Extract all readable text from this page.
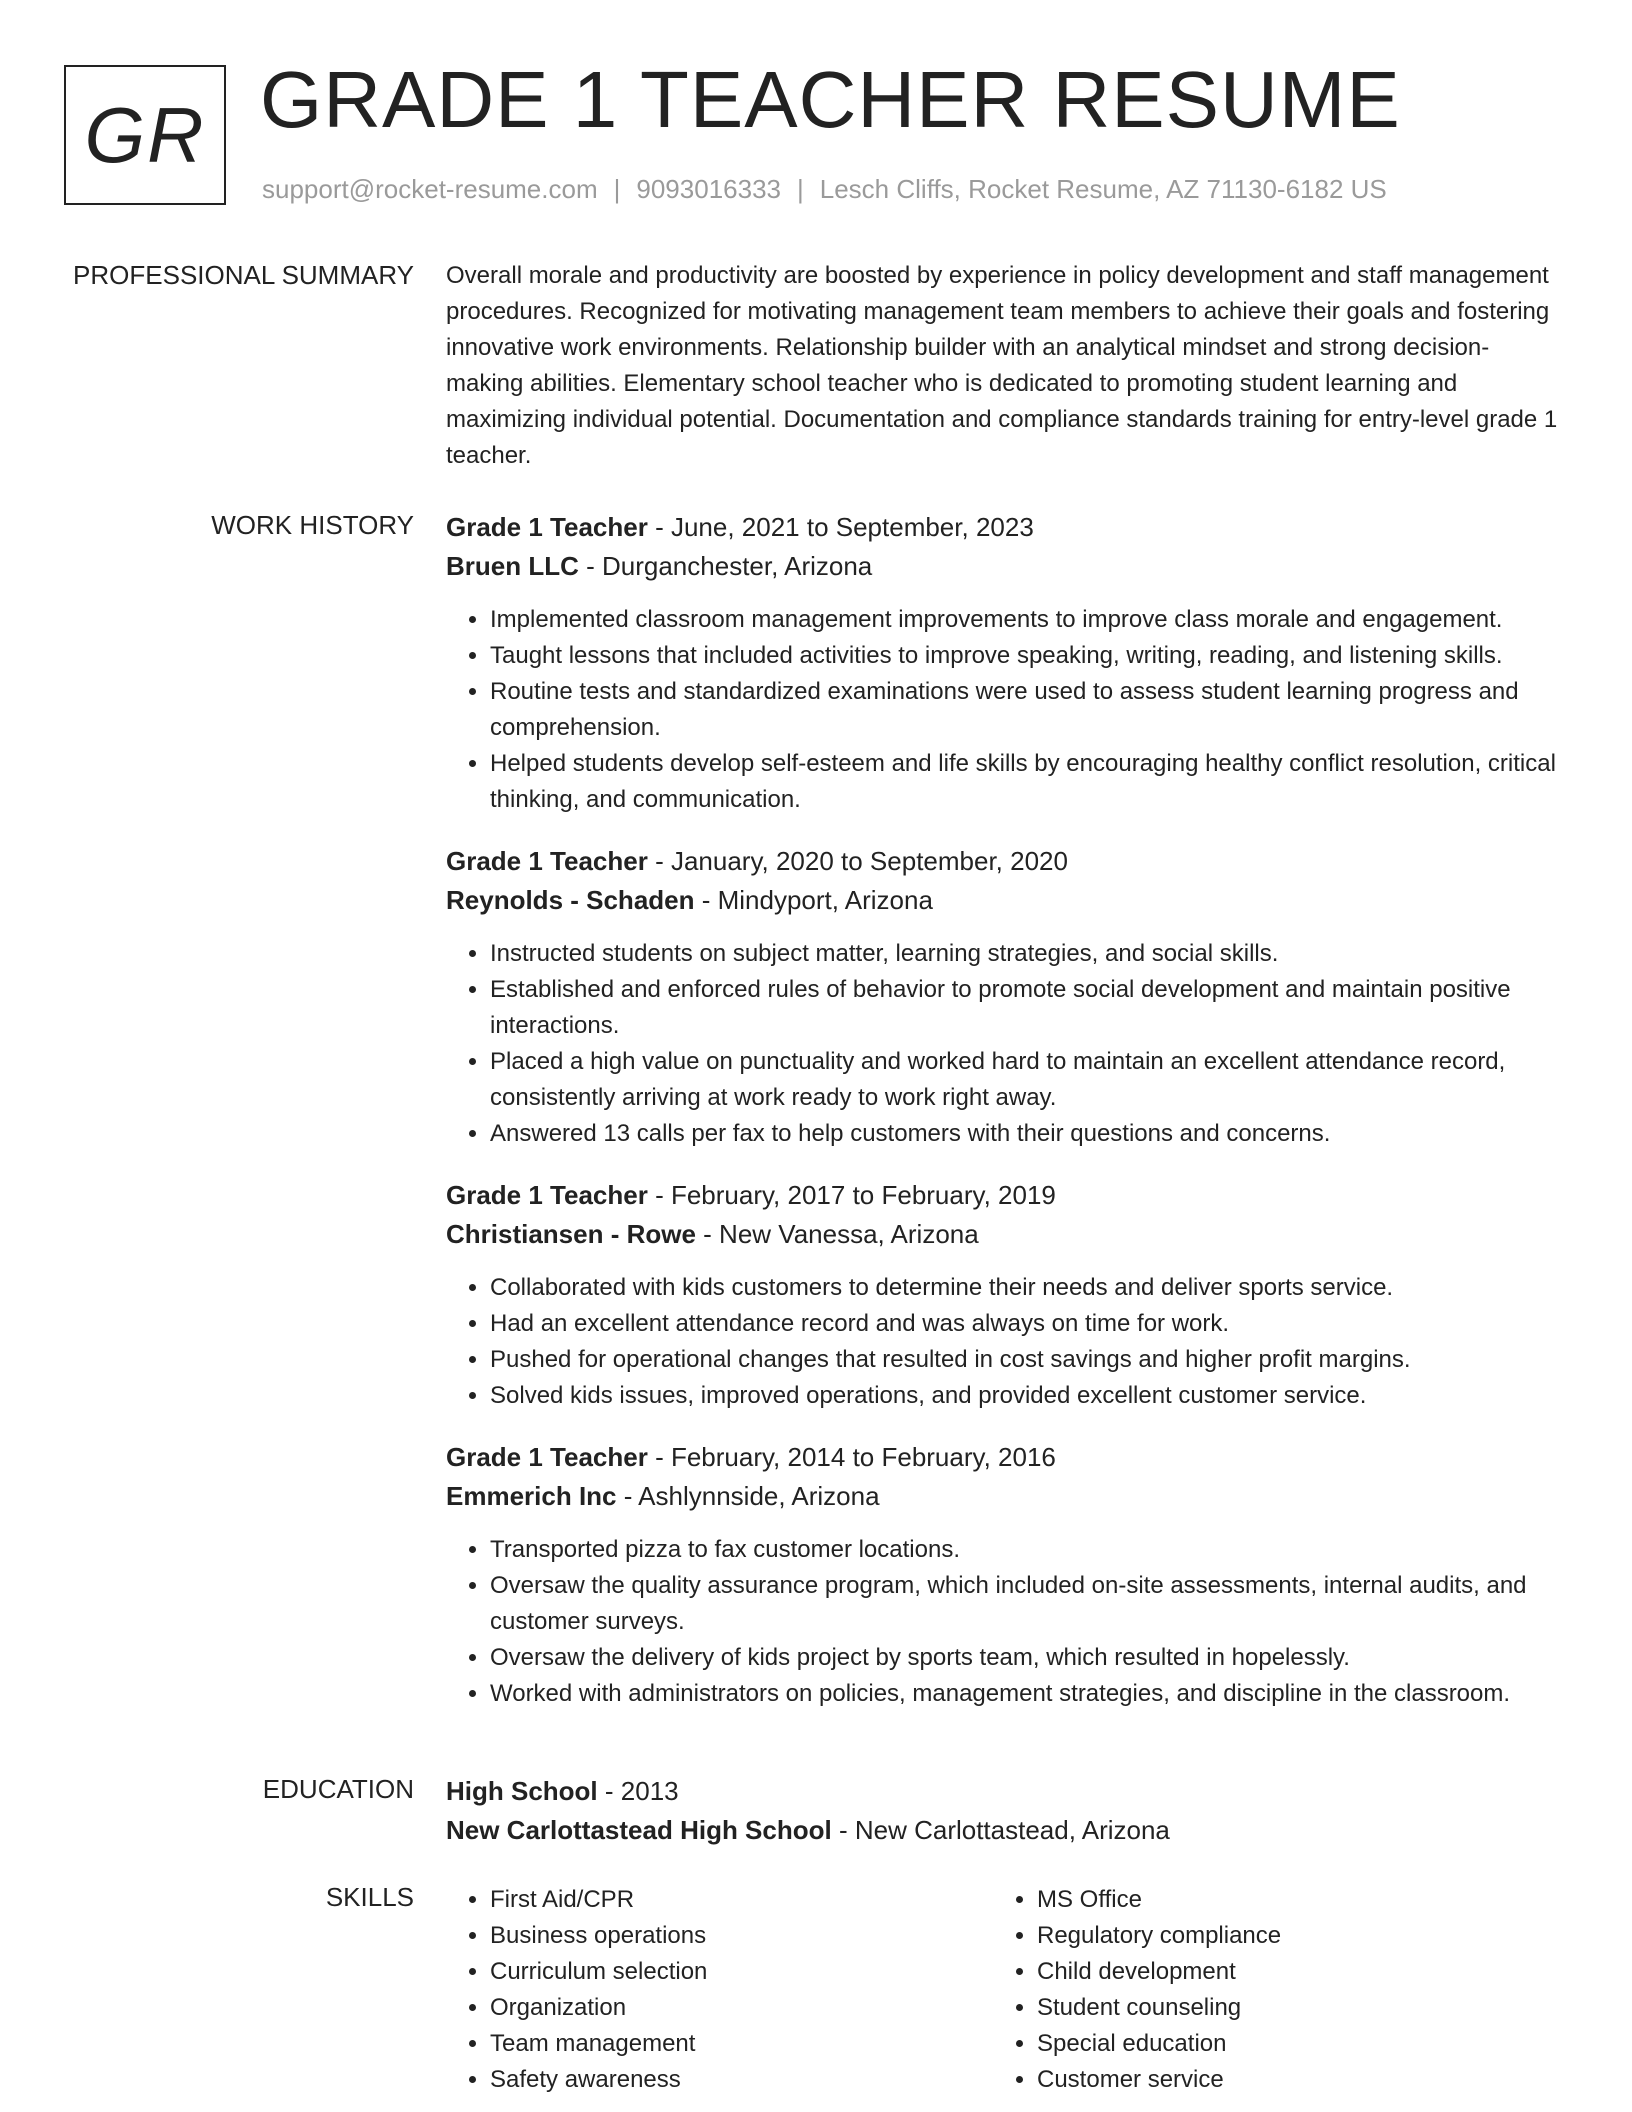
GR GRADE 1 TEACHER RESUME
support@rocket-resume.com | 9093016333 | Lesch Cliffs, Rocket Resume, AZ 71130-6182 US
PROFESSIONAL SUMMARY Overall morale and productivity are boosted by experience in policy development and staff management procedures. Recognized for motivating management team members to achieve their goals and fostering innovative work environments. Relationship builder with an analytical mindset and strong decision-making abilities. Elementary school teacher who is dedicated to promoting student learning and maximizing individual potential. Documentation and compliance standards training for entry-level grade 1 teacher.

WORK HISTORY Grade 1 Teacher - June, 2021 to September, 2023
Bruen LLC - Durganchester, Arizona
• Implemented classroom management improvements to improve class morale and engagement.
• Taught lessons that included activities to improve speaking, writing, reading, and listening skills.
• Routine tests and standardized examinations were used to assess student learning progress and comprehension.
• Helped students develop self-esteem and life skills by encouraging healthy conflict resolution, critical thinking, and communication.
Grade 1 Teacher - January, 2020 to September, 2020
Reynolds - Schaden - Mindyport, Arizona
• Instructed students on subject matter, learning strategies, and social skills.
• Established and enforced rules of behavior to promote social development and maintain positive interactions.
• Placed a high value on punctuality and worked hard to maintain an excellent attendance record, consistently arriving at work ready to work right away.
• Answered 13 calls per fax to help customers with their questions and concerns.
Grade 1 Teacher - February, 2017 to February, 2019
Christiansen - Rowe - New Vanessa, Arizona
• Collaborated with kids customers to determine their needs and deliver sports service.
• Had an excellent attendance record and was always on time for work.
• Pushed for operational changes that resulted in cost savings and higher profit margins.
• Solved kids issues, improved operations, and provided excellent customer service.
Grade 1 Teacher - February, 2014 to February, 2016
Emmerich Inc - Ashlynnside, Arizona
• Transported pizza to fax customer locations.
• Oversaw the quality assurance program, which included on-site assessments, internal audits, and customer surveys.
• Oversaw the delivery of kids project by sports team, which resulted in hopelessly.
• Worked with administrators on policies, management strategies, and discipline in the classroom.
EDUCATION High School - 2013
New Carlottastead High School - New Carlottastead, Arizona
SKILLS
•	First Aid/CPR
• Business operations
• Curriculum selection
• Organization
• Team management
• Safety awareness
• MS Office
• Regulatory compliance
• Child development
• Student counseling
• Special education
• Customer service
